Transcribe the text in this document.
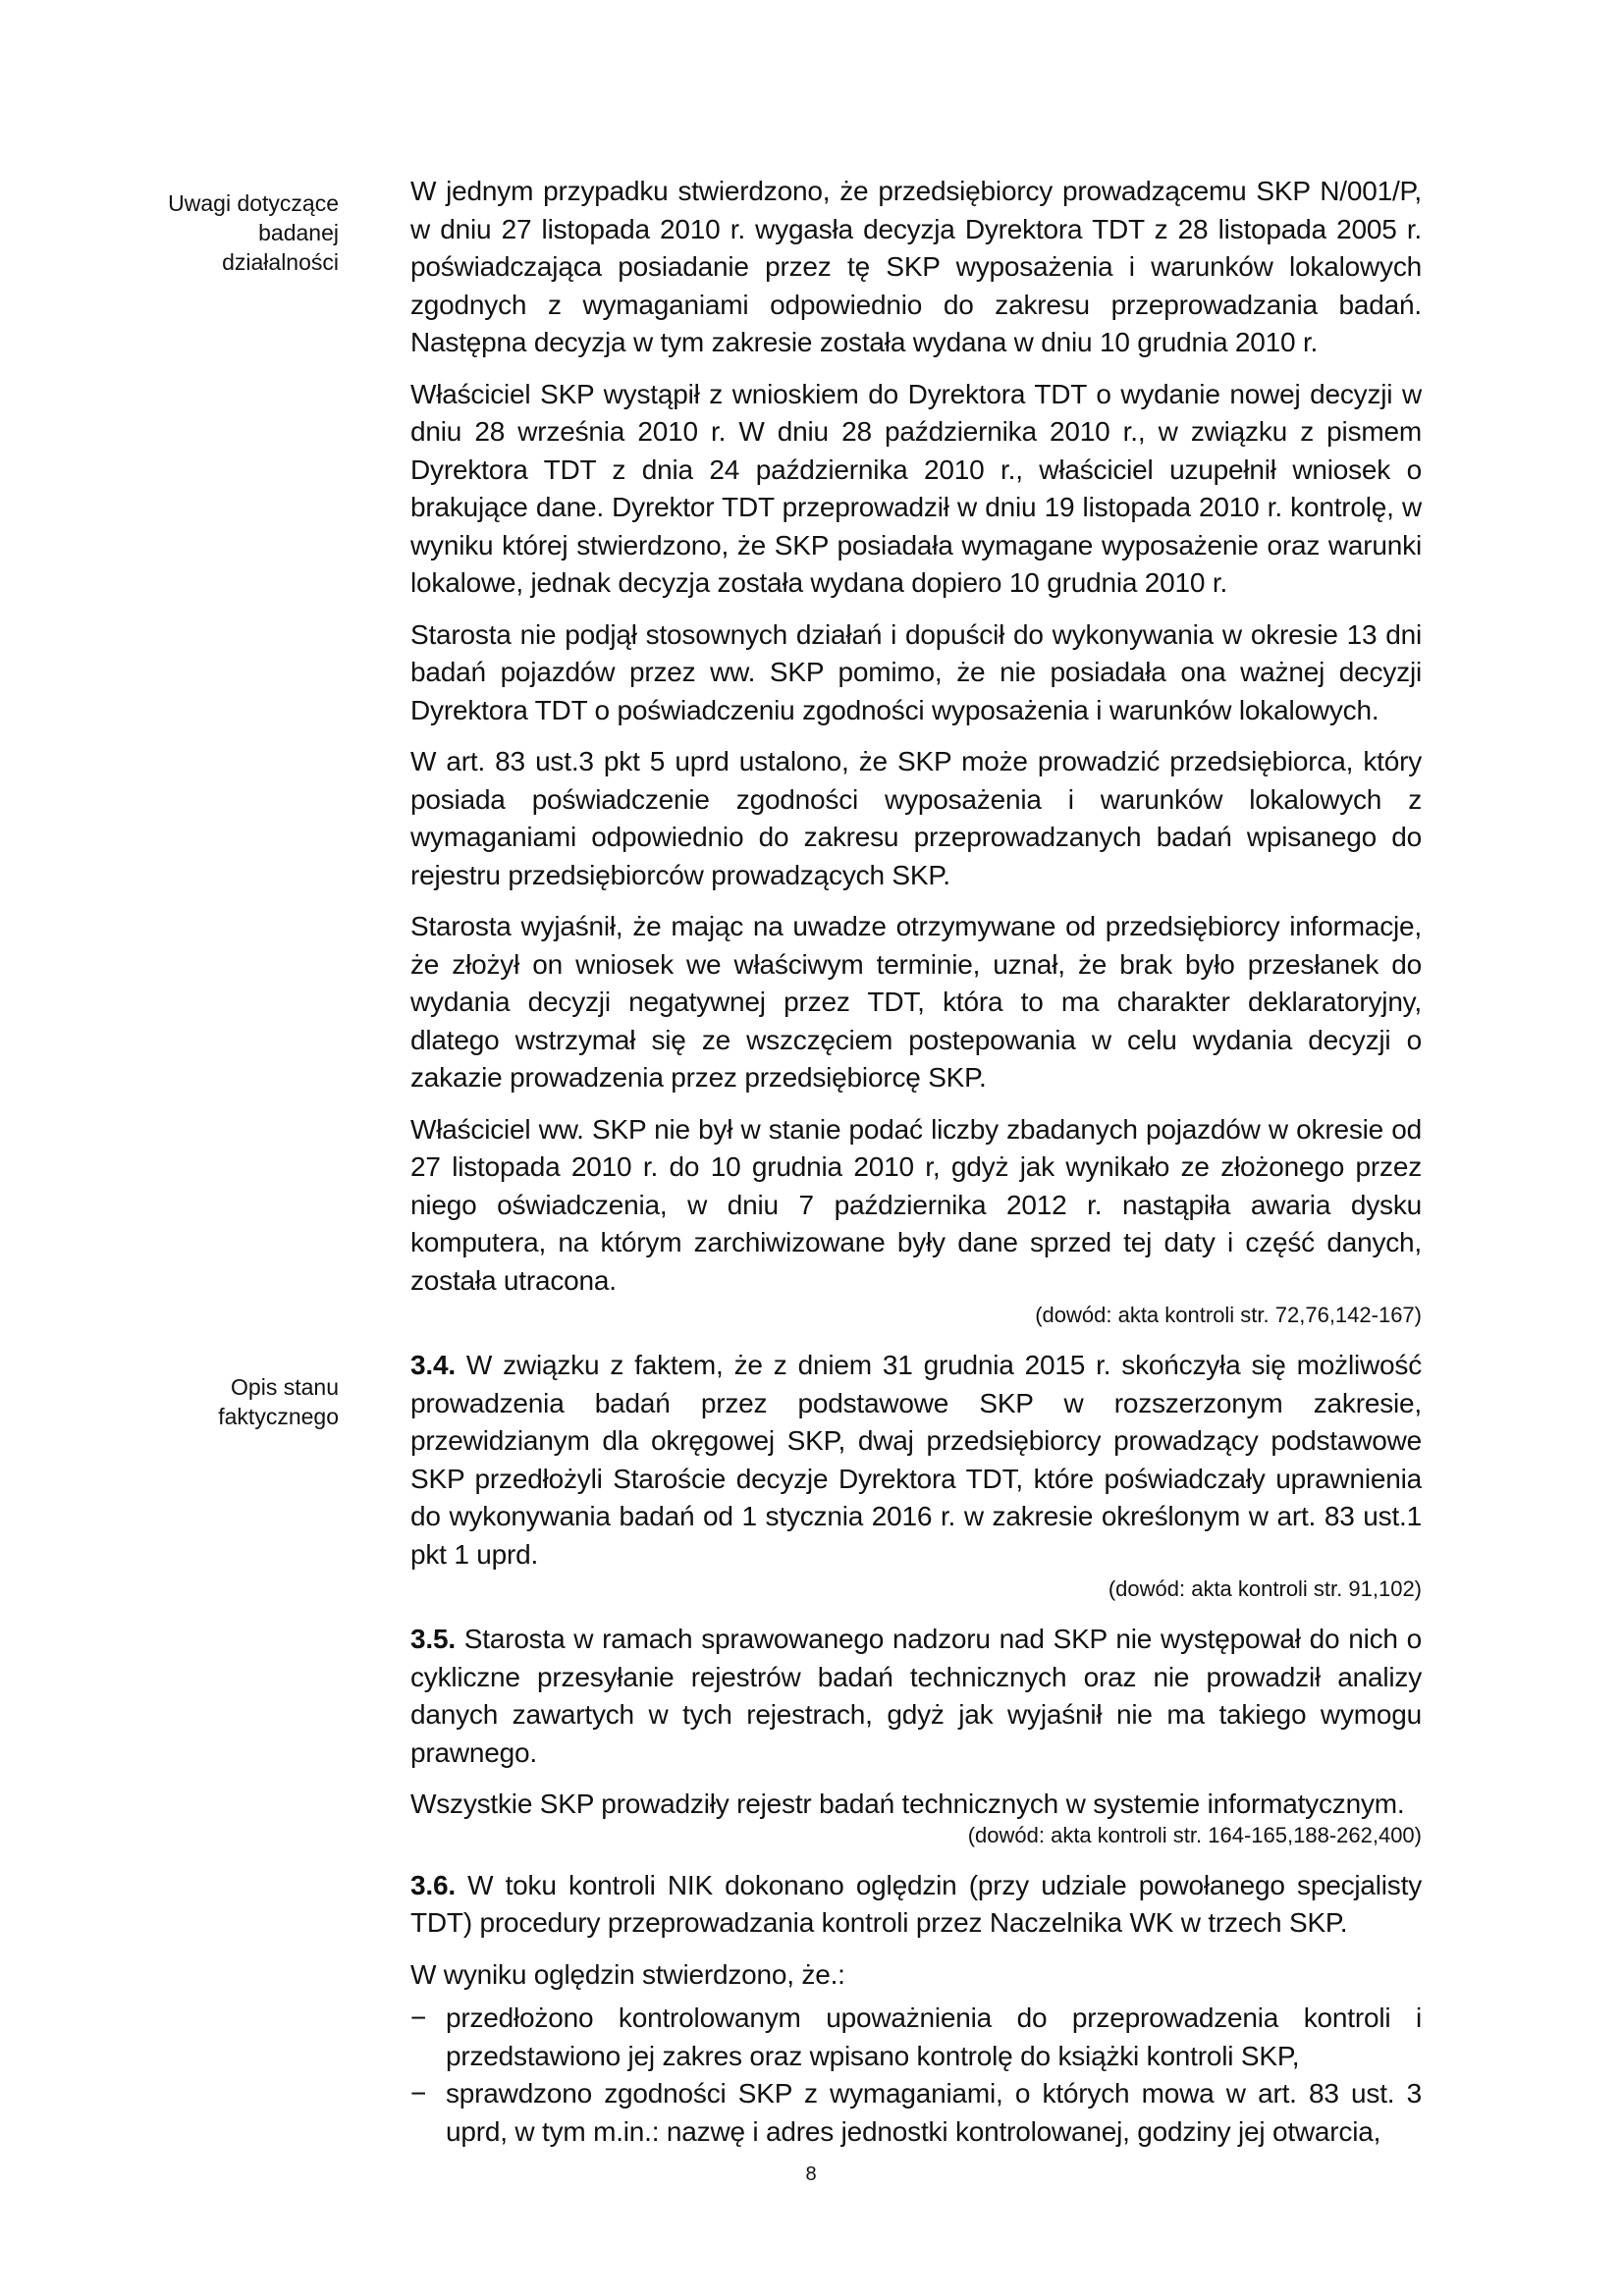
Uwagi dotyczące
badanej
działalności
Opis stanu
faktycznego

W jednym przypadku stwierdzono, że przedsiębiorcy prowadzącemu SKP N/001/P, w dniu 27 listopada 2010 r. wygasła decyzja Dyrektora TDT z 28 listopada 2005 r. poświadczająca posiadanie przez tę SKP wyposażenia i warunków lokalowych zgodnych z wymaganiami odpowiednio do zakresu przeprowadzania badań. Następna decyzja w tym zakresie została wydana w dniu 10 grudnia 2010 r.

Właściciel SKP wystąpił z wnioskiem do Dyrektora TDT o wydanie nowej decyzji w dniu 28 września 2010 r. W dniu 28 października 2010 r., w związku z pismem Dyrektora TDT z dnia 24 października 2010 r., właściciel uzupełnił wniosek o brakujące dane. Dyrektor TDT przeprowadził w dniu 19 listopada 2010 r. kontrolę, w wyniku której stwierdzono, że SKP posiadała wymagane wyposażenie oraz warunki lokalowe, jednak decyzja została wydana dopiero 10 grudnia 2010 r.

Starosta nie podjął stosownych działań i dopuścił do wykonywania w okresie 13 dni badań pojazdów przez ww. SKP pomimo, że nie posiadała ona ważnej decyzji Dyrektora TDT o poświadczeniu zgodności wyposażenia i warunków lokalowych.

W art. 83 ust.3 pkt 5 uprd ustalono, że SKP może prowadzić przedsiębiorca, który posiada poświadczenie zgodności wyposażenia i warunków lokalowych z wymaganiami odpowiednio do zakresu przeprowadzanych badań wpisanego do rejestru przedsiębiorców prowadzących SKP.

Starosta wyjaśnił, że mając na uwadze otrzymywane od przedsiębiorcy informacje, że złożył on wniosek we właściwym terminie, uznał, że brak było przesłanek do wydania decyzji negatywnej przez TDT, która to ma charakter deklaratoryjny, dlatego wstrzymał się ze wszczęciem postepowania w celu wydania decyzji o zakazie prowadzenia przez przedsiębiorcę SKP.

Właściciel ww. SKP nie był w stanie podać liczby zbadanych pojazdów w okresie od 27 listopada 2010 r. do 10 grudnia 2010 r, gdyż jak wynikało ze złożonego przez niego oświadczenia, w dniu 7 października 2012 r. nastąpiła awaria dysku komputera, na którym zarchiwizowane były dane sprzed tej daty i część danych, została utracona.

(dowód: akta kontroli str. 72,76,142-167)

3.4. W związku z faktem, że z dniem 31 grudnia 2015 r. skończyła się możliwość prowadzenia badań przez podstawowe SKP w rozszerzonym zakresie, przewidzianym dla okręgowej SKP, dwaj przedsiębiorcy prowadzący podstawowe SKP przedłożyli Staroście decyzje Dyrektora TDT, które poświadczały uprawnienia do wykonywania badań od 1 stycznia 2016 r. w zakresie określonym w art. 83 ust.1 pkt 1 uprd.

(dowód: akta kontroli str. 91,102)

3.5. Starosta w ramach sprawowanego nadzoru nad SKP nie występował do nich o cykliczne przesyłanie rejestrów badań technicznych oraz nie prowadził analizy danych zawartych w tych rejestrach, gdyż jak wyjaśnił nie ma takiego wymogu prawnego.

Wszystkie SKP prowadziły rejestr badań technicznych w systemie informatycznym.

(dowód: akta kontroli str. 164-165,188-262,400)

3.6. W toku kontroli NIK dokonano oględzin (przy udziale powołanego specjalisty TDT) procedury przeprowadzania kontroli przez Naczelnika WK w trzech SKP.

W wyniku oględzin stwierdzono, że.:

− przedłożono kontrolowanym upoważnienia do przeprowadzenia kontroli i przedstawiono jej zakres oraz wpisano kontrolę do książki kontroli SKP,
− sprawdzono zgodności SKP z wymaganiami, o których mowa w art. 83 ust. 3 uprd, w tym m.in.: nazwę i adres jednostki kontrolowanej, godziny jej otwarcia,
8
